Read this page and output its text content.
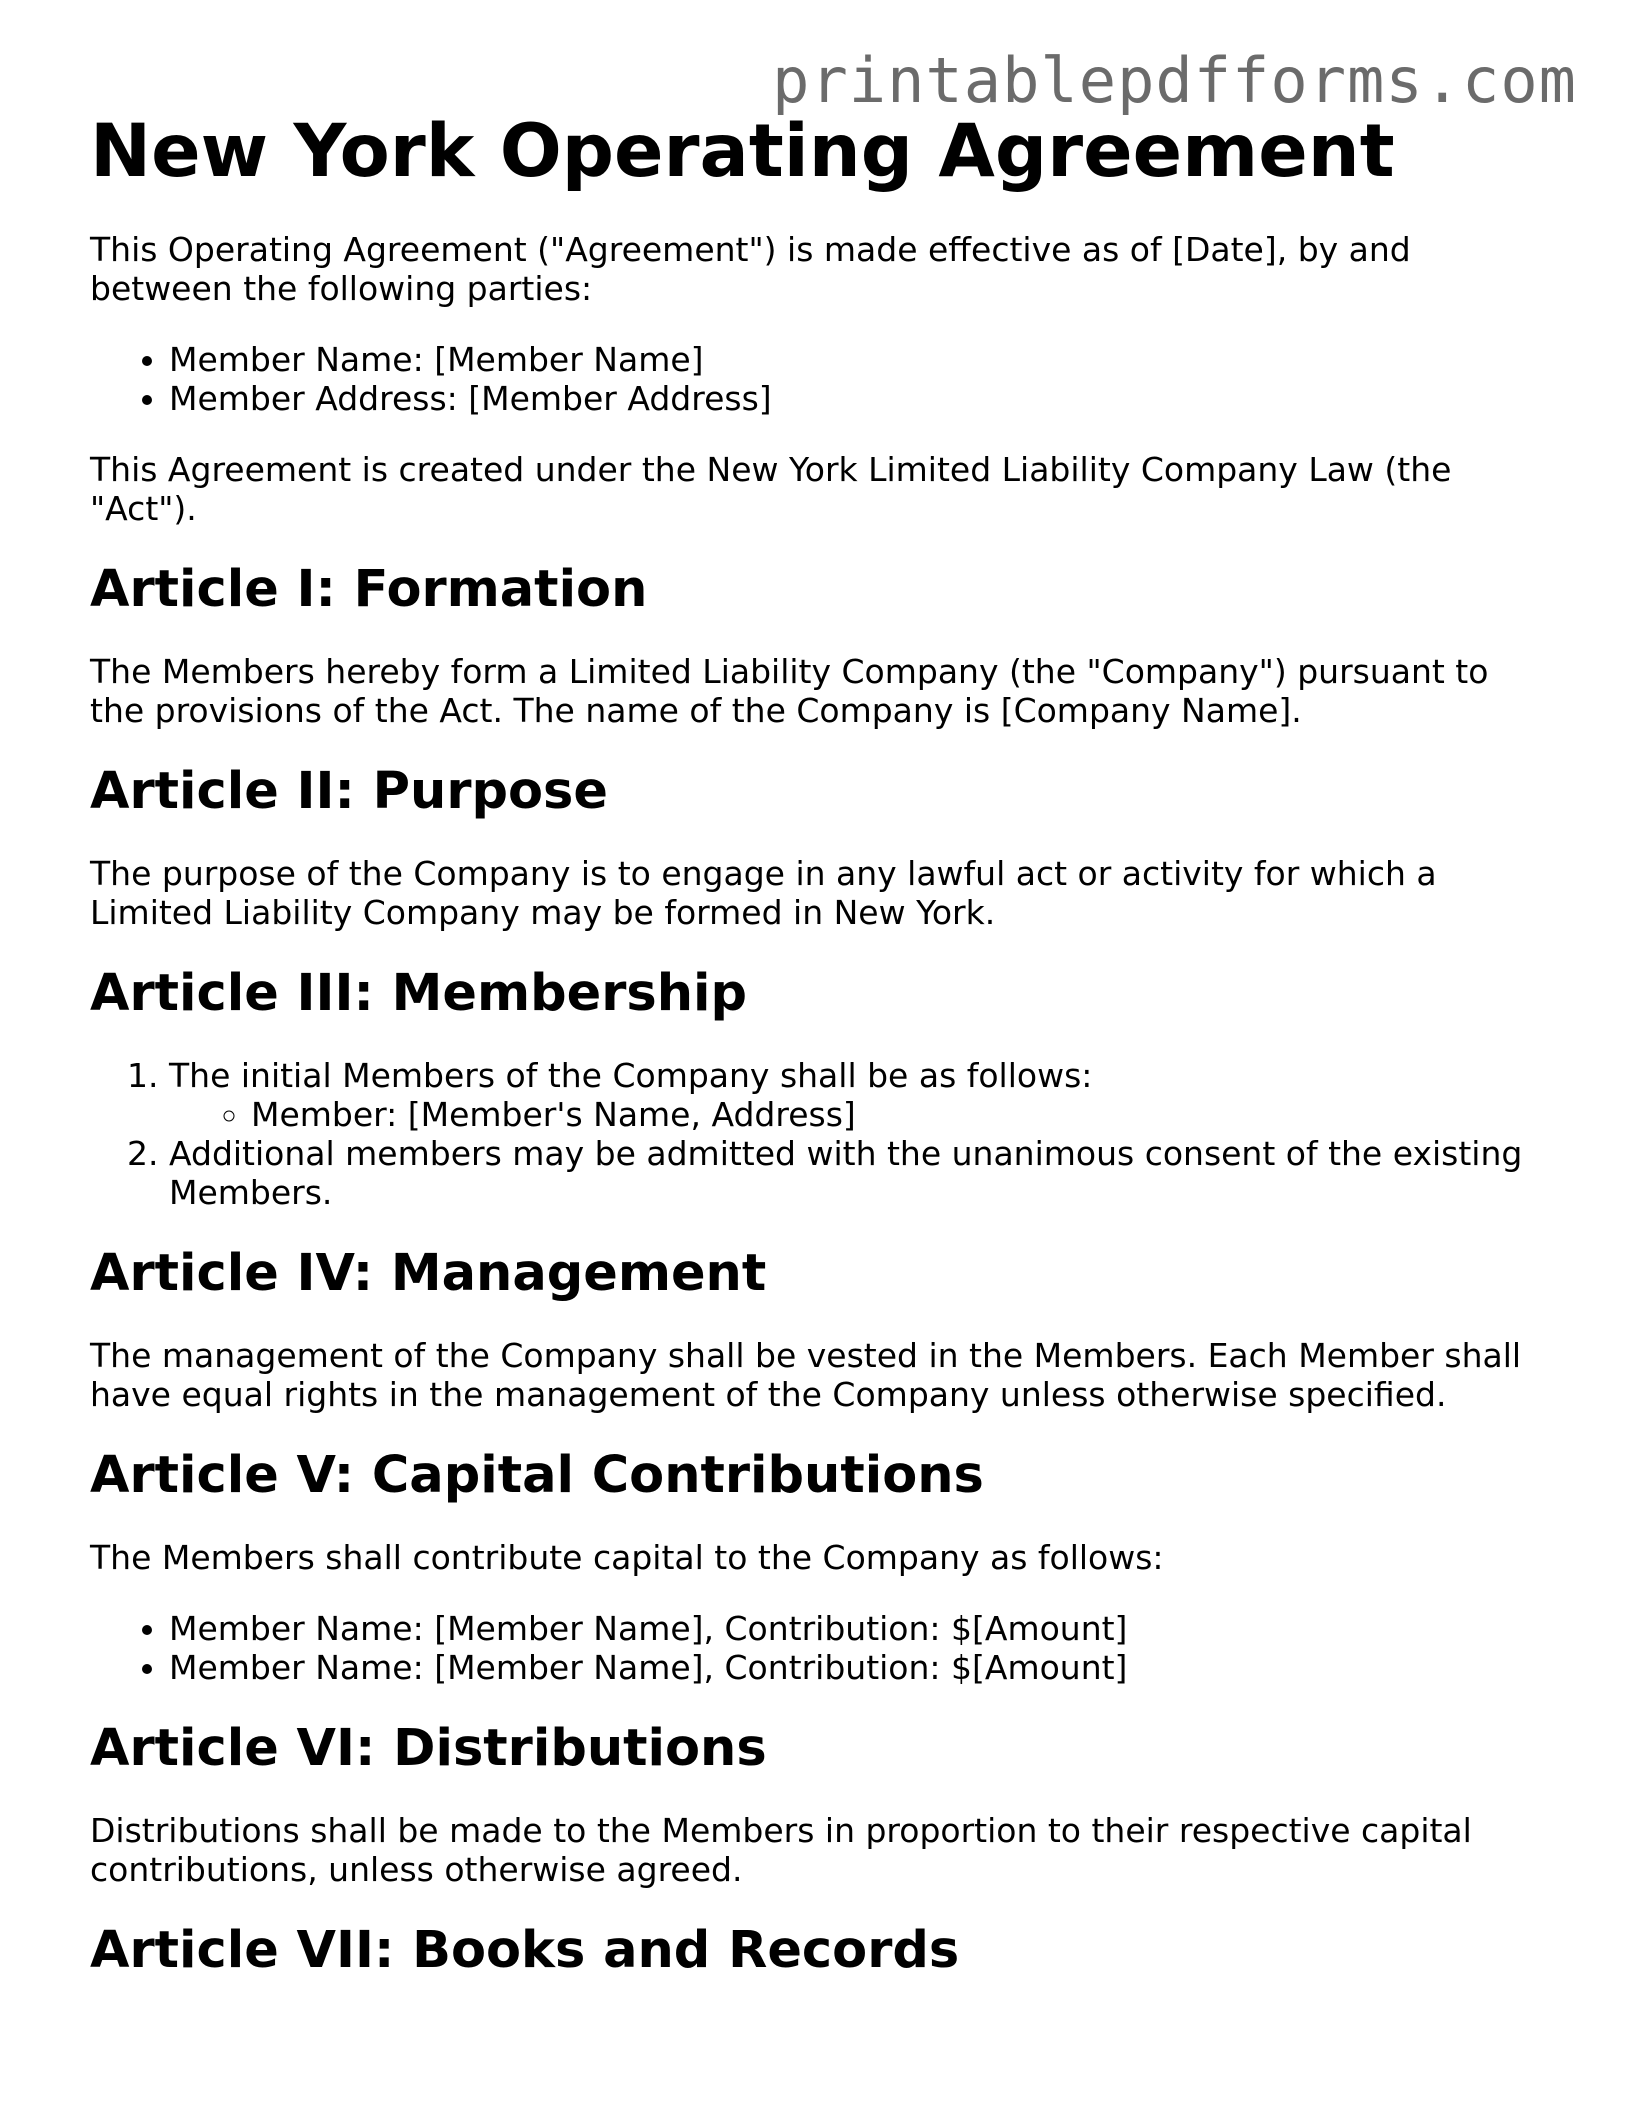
printablepdfforms.com
New York Operating Agreement

This Operating Agreement ("Agreement") is made effective as of [Date], by and between the following parties:

• Member Name: [Member Name]
• Member Address: [Member Address]

This Agreement is created under the New York Limited Liability Company Law (the "Act").

Article I: Formation

The Members hereby form a Limited Liability Company (the "Company") pursuant to the provisions of the Act. The name of the Company is [Company Name].

Article II: Purpose

The purpose of the Company is to engage in any lawful act or activity for which a Limited Liability Company may be formed in New York.

Article III: Membership
1. The initial Members of the Company shall be as follows:
◦ Member: [Member's Name, Address]
2. Additional members may be admitted with the unanimous consent of the existing Members.
Article IV: Management

The management of the Company shall be vested in the Members. Each Member shall have equal rights in the management of the Company unless otherwise specified.

Article V: Capital Contributions

The Members shall contribute capital to the Company as follows:

• Member Name: [Member Name], Contribution: $[Amount]
• Member Name: [Member Name], Contribution: $[Amount]
Article VI: Distributions

Distributions shall be made to the Members in proportion to their respective capital contributions, unless otherwise agreed.

Article VII: Books and Records
